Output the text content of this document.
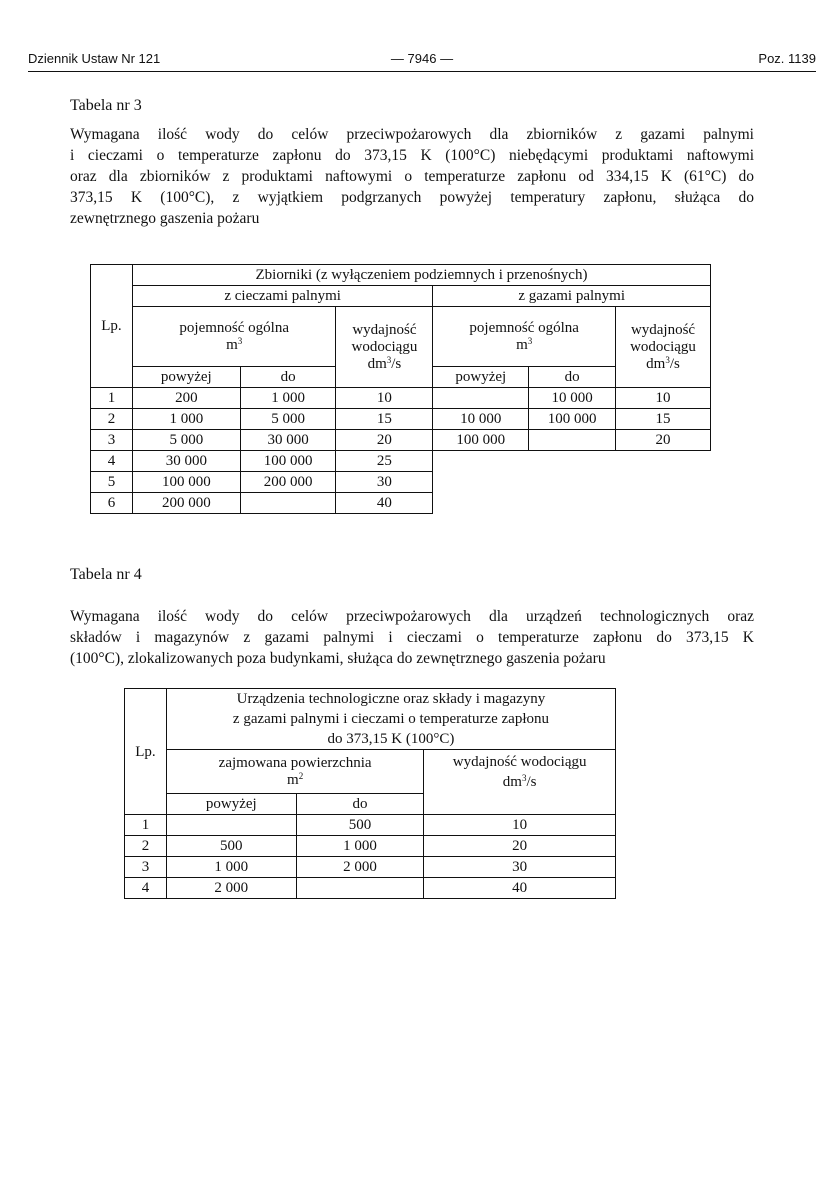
Dziennik Ustaw Nr 121	— 7946 —	Poz. 1139
Tabela nr 3
Wymagana ilość wody do celów przeciwpożarowych dla zbiorników z gazami palnymi
i cieczami o temperaturze zapłonu do 373,15 K (100°C) niebędącymi produktami naftowymi
oraz dla zbiorników z produktami naftowymi o temperaturze zapłonu od 334,15 K (61°C) do
373,15 K (100°C), z wyjątkiem podgrzanych powyżej temperatury zapłonu, służąca do
zewnętrznego gaszenia pożaru
Lp.	Zbiorniki (z wyłączeniem podziemnych i przenośnych)					
	z cieczami palnymi			z gazami palnymi		
	pojemność ogólna
$m^3$		wydajność
wodociągu
$dm^3/s$	pojemność ogólna
$m^3$		wydajność
wodociągu
$dm^3/s$
	powyżej	do		powyżej	do	
1	200	1 000	10		10 000	10
2	1 000	5 000	15	10 000	100 000	15
3	5 000	30 000	20	100 000		20
4	30 000	100 000	25			
5	100 000	200 000	30			
6	200 000		40			
Tabela nr 4
Wymagana ilość wody do celów przeciwpożarowych dla urządzeń technologicznych oraz
składów i magazynów z gazami palnymi i cieczami o temperaturze zapłonu do 373,15 K
(100°C), zlokalizowanych poza budynkami, służąca do zewnętrznego gaszenia pożaru
Lp.	Urządzenia technologiczne oraz składy i magazyny
z gazami palnymi i cieczami o temperaturze zapłonu
do 373,15 K (100°C)		
	zajmowana powierzchnia
$m^2$		wydajność wodociągu
$dm^3/s$
	powyżej	do	
1		500	10
2	500	1 000	20
3	1 000	2 000	30
4	2 000		40
